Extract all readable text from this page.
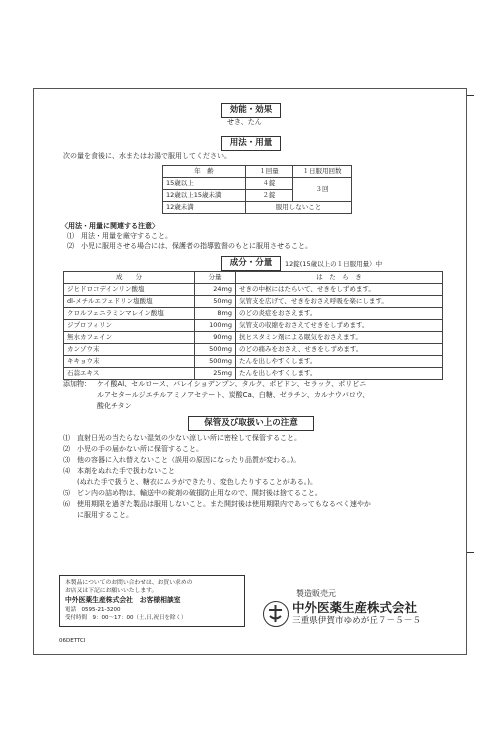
効能・効果
せき、たん
用法・用量
次の量を食後に、水またはお湯で服用してください。
年　齢	１回量	１日服用回数
15歳以上	４錠	３回
12歳以上15歳未満	２錠	
12歳未満	服用しないこと	
〈用法・用量に関連する注意〉
⑴　用法・用量を厳守すること。
⑵　小児に服用させる場合には、保護者の指導監督のもとに服用させること。
成分・分量	12錠(15歳以上の１日服用量）中
成　　分	分量	は　た　ら　き
ジヒドロコデインリン酸塩	24mg	せきの中枢にはたらいて、せきをしずめます。
dl-メチルエフェドリン塩酸塩	50mg	気管支を広げて、せきをおさえ呼吸を楽にします。
クロルフェニラミンマレイン酸塩	8mg	のどの炎症をおさえます。
ジプロフィリン	100mg	気管支の収縮をおさえてせきをしずめます。
無水カフェイン	90mg	抗ヒスタミン剤による眠気をおさえます。
カンゾウ末	500mg	のどの痛みをおさえ、せきをしずめます。
キキョウ末	500mg	たんを出しやすくします。
石蒜エキス	25mg	たんを出しやすくします。
添加物： ケイ酸Al、セルロース、バレイショデンプン、タルク、ポビドン、セラック、ポリビニ
ルアセタールジエチルアミノアセテート、炭酸Ca、白糖、ゼラチン、カルナウバロウ、
酸化チタン
保管及び取扱い上の注意
⑴　直射日光の当たらない湿気の少ない涼しい所に密栓して保管すること。
⑵　小児の手の届かない所に保管すること。
⑶　他の容器に入れ替えないこと（誤用の原因になったり品質が変わる。)。
⑷　本剤をぬれた手で扱わないこと
　　(ぬれた手で扱うと、糖衣にムラができたり、変色したりすることがある。)。
⑸　ビン内の詰め物は、輸送中の錠剤の破損防止用なので、開封後は捨てること。
⑹　使用期限を過ぎた製品は服用しないこと。また開封後は使用期限内であってもなるべく速やか
　　に服用すること。
本製品についてのお問い合わせは、お買い求めの
お店又は下記にお願いいたします。
中外医薬生産株式会社　お客様相談室
電話　0595-21-3200
受付時間　9：00～17：00（土,日,祝日を除く）
製造販売元
中外医薬生産株式会社
三重県伊賀市ゆめが丘７－５－５
06DETTCI
